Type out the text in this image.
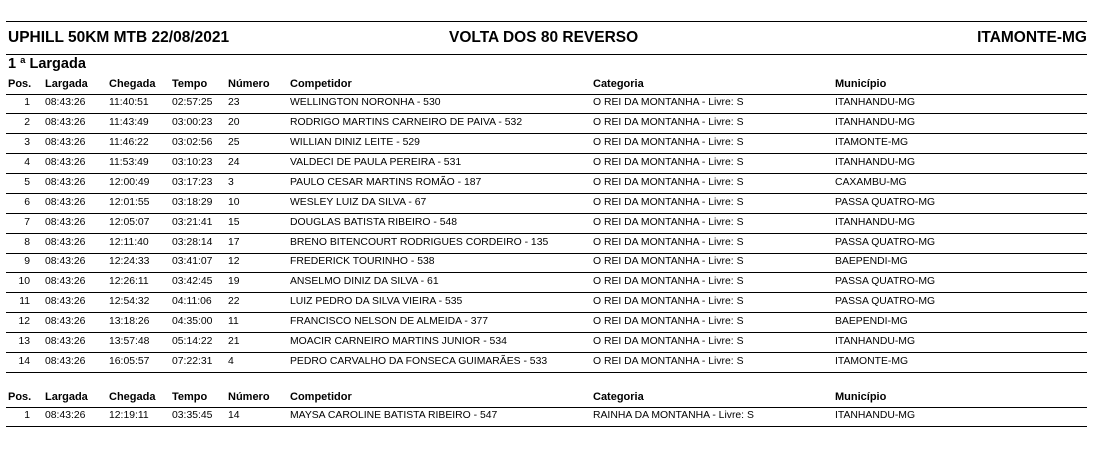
UPHILL 50KM MTB 22/08/2021	VOLTA DOS 80 REVERSO	ITAMONTE-MG
1 ª Largada
Pos. Largada Chegada Tempo Número Competidor	Categoria	Município
1 08:43:26 11:40:51 02:57:25 23	WELLINGTON NORONHA - 530	O REI DA MONTANHA - Livre: S	ITANHANDU-MG
2 08:43:26 11:43:49 03:00:23 20	RODRIGO MARTINS CARNEIRO DE PAIVA - 532	O REI DA MONTANHA - Livre: S	ITANHANDU-MG
3 08:43:26 11:46:22 03:02:56 25	WILLIAN DINIZ LEITE - 529	O REI DA MONTANHA - Livre: S	ITAMONTE-MG
4 08:43:26 11:53:49 03:10:23 24	VALDECI DE PAULA PEREIRA - 531	O REI DA MONTANHA - Livre: S	ITANHANDU-MG
5 08:43:26 12:00:49 03:17:23 3	PAULO CESAR MARTINS ROMÃO - 187	O REI DA MONTANHA - Livre: S	CAXAMBU-MG
6 08:43:26 12:01:55 03:18:29 10	WESLEY LUIZ DA SILVA - 67	O REI DA MONTANHA - Livre: S	PASSA QUATRO-MG
7 08:43:26 12:05:07 03:21:41 15	DOUGLAS BATISTA RIBEIRO - 548	O REI DA MONTANHA - Livre: S	ITANHANDU-MG
8 08:43:26 12:11:40 03:28:14 17	BRENO BITENCOURT RODRIGUES CORDEIRO - 135	O REI DA MONTANHA - Livre: S	PASSA QUATRO-MG
9 08:43:26 12:24:33 03:41:07 12	FREDERICK TOURINHO - 538	O REI DA MONTANHA - Livre: S	BAEPENDI-MG
10 08:43:26 12:26:11 03:42:45 19	ANSELMO DINIZ DA SILVA - 61	O REI DA MONTANHA - Livre: S	PASSA QUATRO-MG
11 08:43:26 12:54:32 04:11:06 22	LUIZ PEDRO DA SILVA VIEIRA - 535	O REI DA MONTANHA - Livre: S	PASSA QUATRO-MG
12 08:43:26 13:18:26 04:35:00 11	FRANCISCO NELSON DE ALMEIDA - 377	O REI DA MONTANHA - Livre: S	BAEPENDI-MG
13 08:43:26 13:57:48 05:14:22 21	MOACIR CARNEIRO MARTINS JUNIOR - 534	O REI DA MONTANHA - Livre: S	ITANHANDU-MG
14 08:43:26 16:05:57 07:22:31 4	PEDRO CARVALHO DA FONSECA GUIMARÃES - 533	O REI DA MONTANHA - Livre: S	ITAMONTE-MG
Pos. Largada Chegada Tempo Número Competidor	Categoria	Município
1 08:43:26 12:19:11 03:35:45 14	MAYSA CAROLINE BATISTA RIBEIRO - 547	RAINHA DA MONTANHA - Livre: S	ITANHANDU-MG
